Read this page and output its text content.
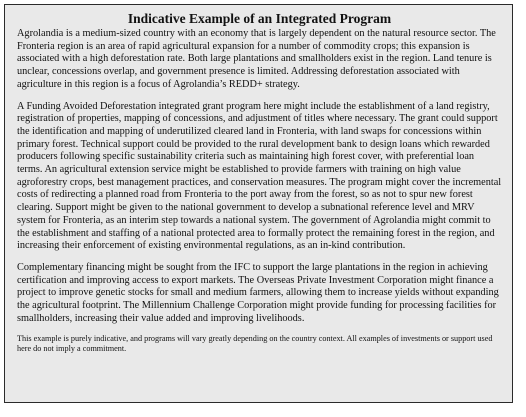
Indicative Example of an Integrated Program

Agrolandia is a medium-sized country with an economy that is largely dependent on the natural resource sector. The Fronteria region is an area of rapid agricultural expansion for a number of commodity crops; this expansion is associated with a high deforestation rate. Both large plantations and smallholders exist in the region. Land tenure is unclear, concessions overlap, and government presence is limited. Addressing deforestation associated with agriculture in this region is a focus of Agrolandia’s REDD+ strategy.

A Funding Avoided Deforestation integrated grant program here might include the establishment of a land registry, registration of properties, mapping of concessions, and adjustment of titles where necessary. The grant could support the identification and mapping of underutilized cleared land in Fronteria, with land swaps for concessions within primary forest. Technical support could be provided to the rural development bank to design loans which rewarded producers following specific sustainability criteria such as maintaining high forest cover, with preferential loan terms. An agricultural extension service might be established to provide farmers with training on high value agroforestry crops, best management practices, and conservation measures. The program might cover the incremental costs of redirecting a planned road from Fronteria to the port away from the forest, so as not to spur new forest clearing. Support might be given to the national government to develop a subnational reference level and MRV system for Fronteria, as an interim step towards a national system. The government of Agrolandia might commit to the establishment and staffing of a national protected area to formally protect the remaining forest in the region, and increasing their enforcement of existing environmental regulations, as an in-kind contribution.

Complementary financing might be sought from the IFC to support the large plantations in the region in achieving certification and improving access to export markets. The Overseas Private Investment Corporation might finance a project to improve genetic stocks for small and medium farmers, allowing them to increase yields without expanding the agricultural footprint. The Millennium Challenge Corporation might provide funding for processing facilities for smallholders, increasing their value added and improving livelihoods.

This example is purely indicative, and programs will vary greatly depending on the country context. All examples of investments or support used here do not imply a commitment.
